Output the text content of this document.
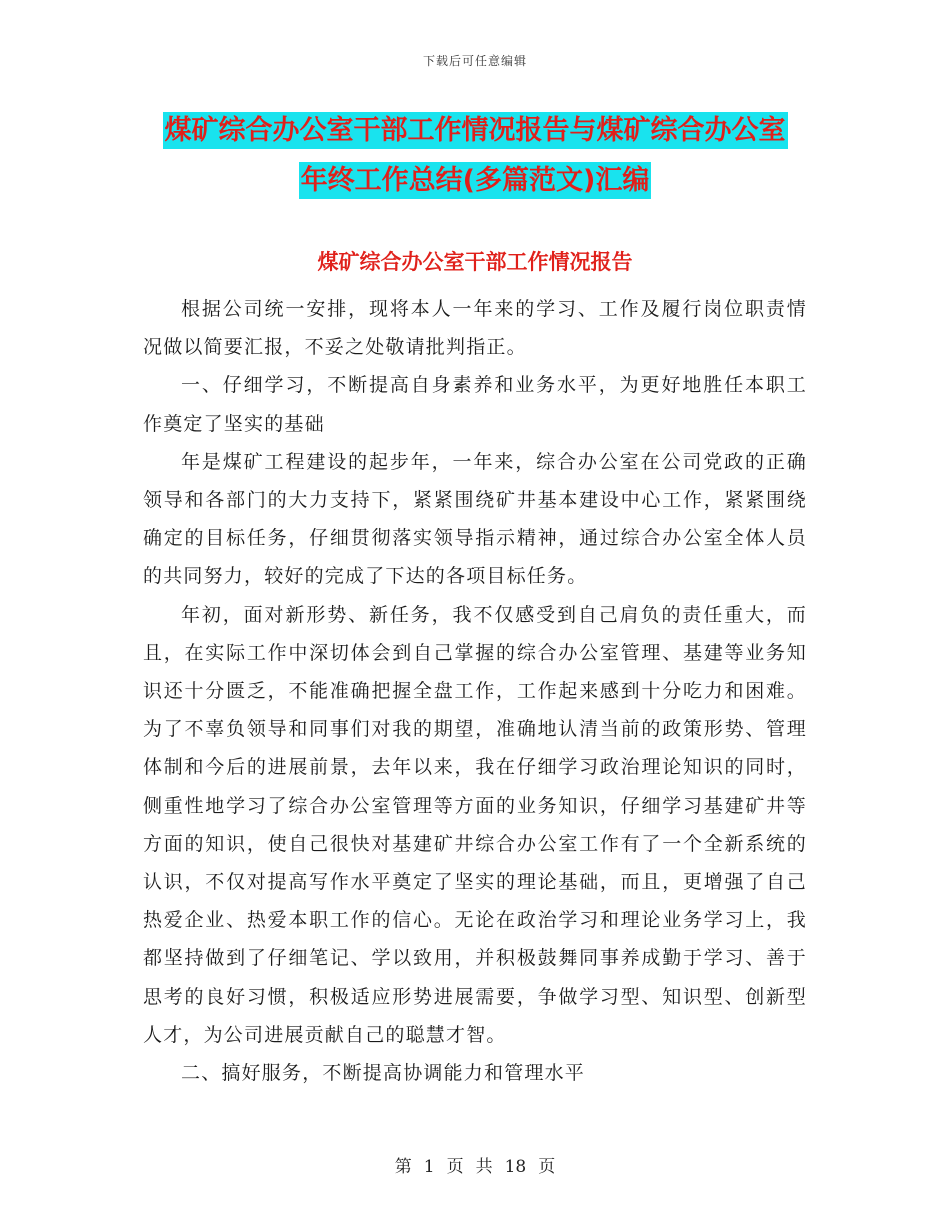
下载后可任意编辑
煤矿综合办公室干部工作情况报告与煤矿综合办公室
年终工作总结(多篇范文)汇编
煤矿综合办公室干部工作情况报告

根据公司统一安排，现将本人一年来的学习、工作及履行岗位职责情况做以简要汇报，不妥之处敬请批判指正。

一、仔细学习，不断提高自身素养和业务水平，为更好地胜任本职工作奠定了坚实的基础

年是煤矿工程建设的起步年，一年来，综合办公室在公司党政的正确领导和各部门的大力支持下，紧紧围绕矿井基本建设中心工作，紧紧围绕确定的目标任务，仔细贯彻落实领导指示精神，通过综合办公室全体人员的共同努力，较好的完成了下达的各项目标任务。

年初，面对新形势、新任务，我不仅感受到自己肩负的责任重大，而且，在实际工作中深切体会到自己掌握的综合办公室管理、基建等业务知识还十分匮乏，不能准确把握全盘工作，工作起来感到十分吃力和困难。为了不辜负领导和同事们对我的期望，准确地认清当前的政策形势、管理体制和今后的进展前景，去年以来，我在仔细学习政治理论知识的同时，侧重性地学习了综合办公室管理等方面的业务知识，仔细学习基建矿井等方面的知识，使自己很快对基建矿井综合办公室工作有了一个全新系统的认识，不仅对提高写作水平奠定了坚实的理论基础，而且，更增强了自己热爱企业、热爱本职工作的信心。无论在政治学习和理论业务学习上，我都坚持做到了仔细笔记、学以致用，并积极鼓舞同事养成勤于学习、善于思考的良好习惯，积极适应形势进展需要，争做学习型、知识型、创新型人才，为公司进展贡献自己的聪慧才智。

二、搞好服务，不断提高协调能力和管理水平

第 1 页 共 18 页
